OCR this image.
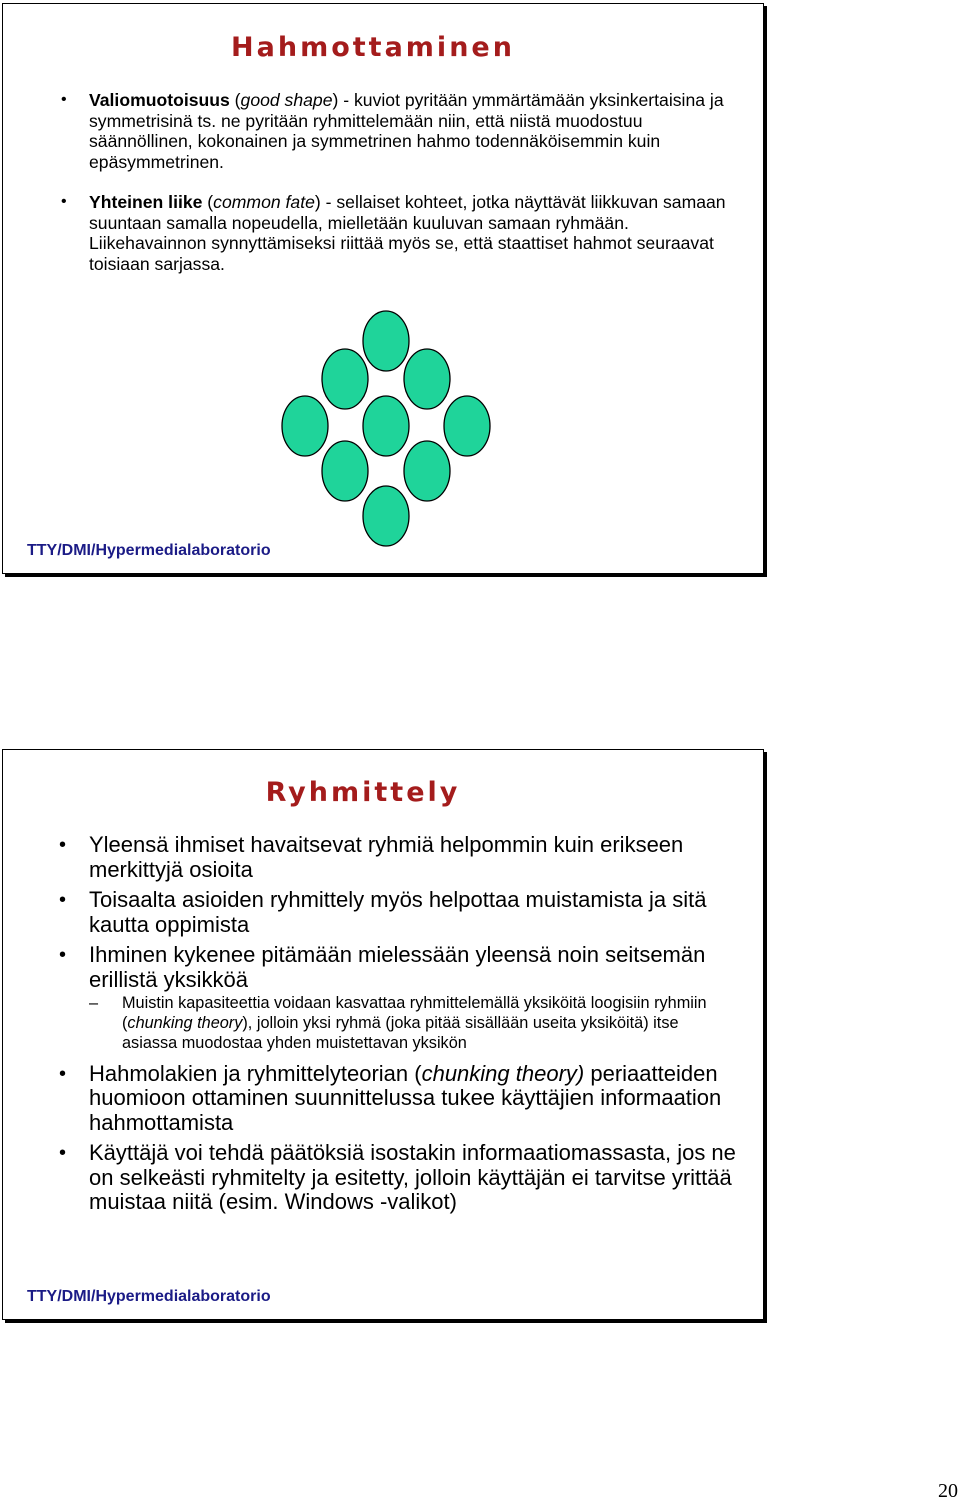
Hahmottaminen
• Valiomuotoisuus (good shape) - kuviot pyritään ymmärtämään yksinkertaisina ja symmetrisinä ts. ne pyritään ryhmittelemään niin, että niistä muodostuu säännöllinen, kokonainen ja symmetrinen hahmo todennäköisemmin kuin epäsymmetrinen.
• Yhteinen liike (common fate) - sellaiset kohteet, jotka näyttävät liikkuvan samaan suuntaan samalla nopeudella, mielletään kuuluvan samaan ryhmään. Liikehavainnon synnyttämiseksi riittää myös se, että staattiset hahmot seuraavat toisiaan sarjassa.
TTY/DMI/Hypermedialaboratorio
Ryhmittely
• Yleensä ihmiset havaitsevat ryhmiä helpommin kuin erikseen merkittyjä osioita
• Toisaalta asioiden ryhmittely myös helpottaa muistamista ja sitä kautta oppimista
• Ihminen kykenee pitämään mielessään yleensä noin seitsemän erillistä yksikköä
– Muistin kapasiteettia voidaan kasvattaa ryhmittelemällä yksiköitä loogisiin ryhmiin (chunking theory), jolloin yksi ryhmä (joka pitää sisällään useita yksiköitä) itse asiassa muodostaa yhden muistettavan yksikön
• Hahmolakien ja ryhmittelyteorian (chunking theory) periaatteiden huomioon ottaminen suunnittelussa tukee käyttäjien informaation hahmottamista
• Käyttäjä voi tehdä päätöksiä isostakin informaatiomassasta, jos ne on selkeästi ryhmitelty ja esitetty, jolloin käyttäjän ei tarvitse yrittää muistaa niitä (esim. Windows -valikot)
TTY/DMI/Hypermedialaboratorio
20
